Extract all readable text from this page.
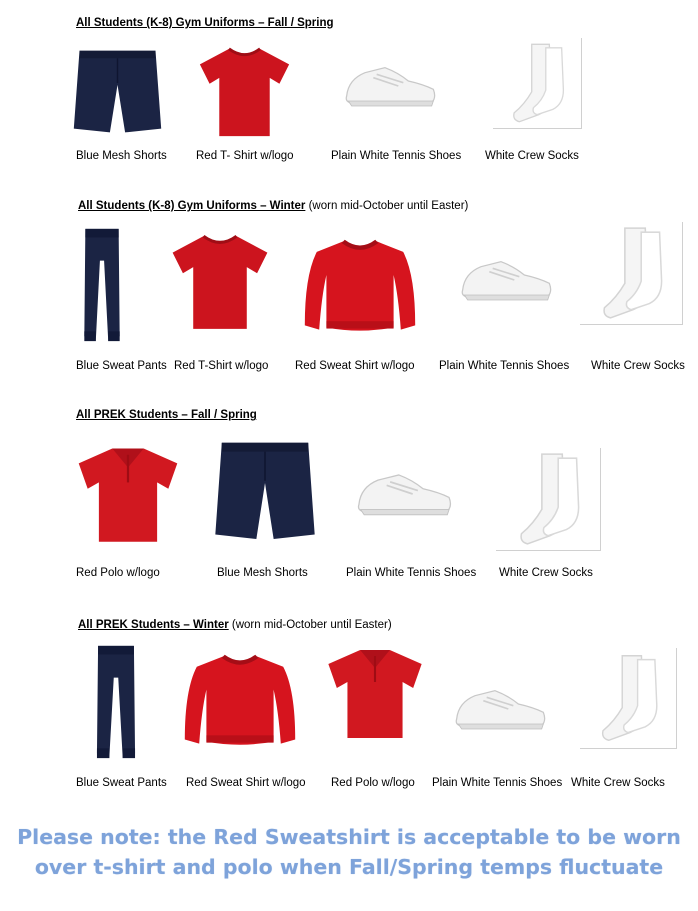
All Students (K-8) Gym Uniforms – Fall / Spring
Blue Mesh Shorts	Red T- Shirt w/logo	Plain White Tennis Shoes White Crew Socks
All Students (K-8) Gym Uniforms – Winter (worn mid-October until Easter)
Blue Sweat Pants Red T-Shirt w/logo Red Sweat Shirt w/logo Plain White Tennis Shoes White Crew Socks
All PREK Students – Fall / Spring
Red Polo w/logo	Blue Mesh Shorts	Plain White Tennis Shoes White Crew Socks
All PREK Students – Winter (worn mid-October until Easter)
Blue Sweat Pants Red Sweat Shirt w/logo Red Polo w/logo Plain White Tennis Shoes White Crew Socks
Please note: the Red Sweatshirt is acceptable to be worn
over t-shirt and polo when Fall/Spring temps fluctuate
